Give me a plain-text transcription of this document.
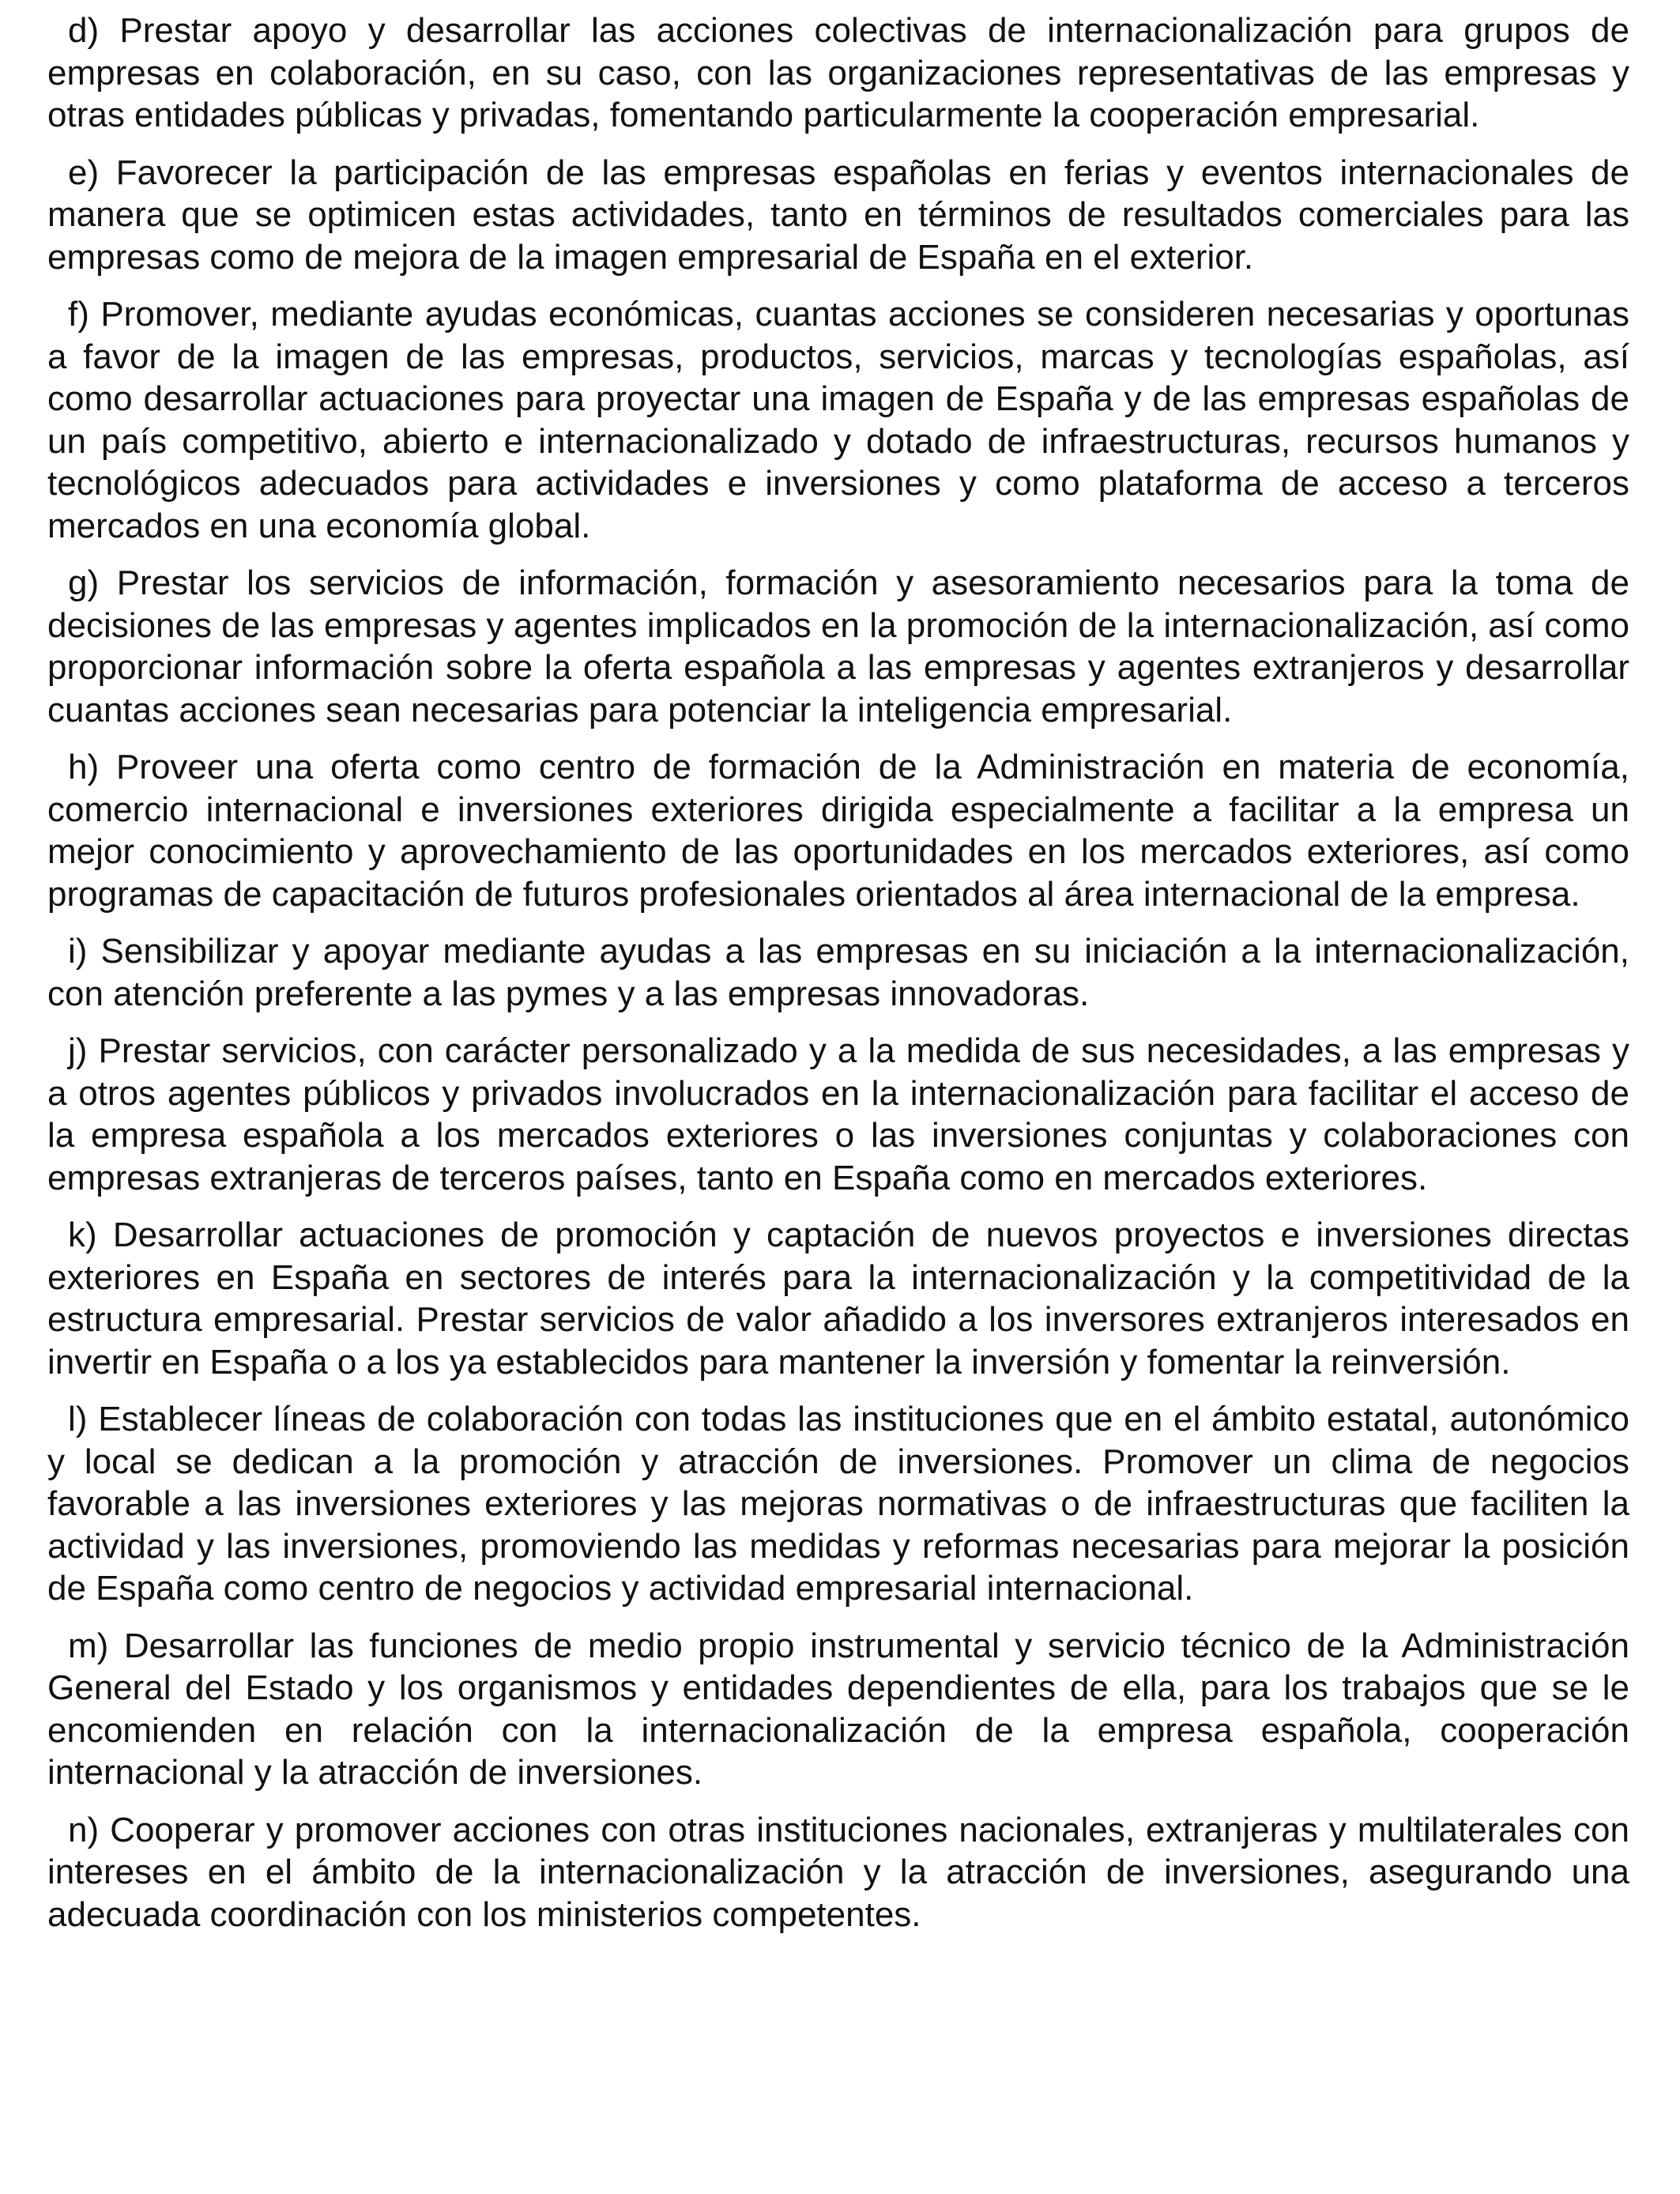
d) Prestar apoyo y desarrollar las acciones colectivas de internacionalización para grupos de empresas en colaboración, en su caso, con las organizaciones representativas de las empresas y otras entidades públicas y privadas, fomentando particularmente la cooperación empresarial.

e) Favorecer la participación de las empresas españolas en ferias y eventos internacionales de manera que se optimicen estas actividades, tanto en términos de resultados comerciales para las empresas como de mejora de la imagen empresarial de España en el exterior.

f) Promover, mediante ayudas económicas, cuantas acciones se consideren necesarias y oportunas a favor de la imagen de las empresas, productos, servicios, marcas y tecnologías españolas, así como desarrollar actuaciones para proyectar una imagen de España y de las empresas españolas de un país competitivo, abierto e internacionalizado y dotado de infraestructuras, recursos humanos y tecnológicos adecuados para actividades e inversiones y como plataforma de acceso a terceros mercados en una economía global.

g) Prestar los servicios de información, formación y asesoramiento necesarios para la toma de decisiones de las empresas y agentes implicados en la promoción de la internacionalización, así como proporcionar información sobre la oferta española a las empresas y agentes extranjeros y desarrollar cuantas acciones sean necesarias para potenciar la inteligencia empresarial.

h) Proveer una oferta como centro de formación de la Administración en materia de economía, comercio internacional e inversiones exteriores dirigida especialmente a facilitar a la empresa un mejor conocimiento y aprovechamiento de las oportunidades en los mercados exteriores, así como programas de capacitación de futuros profesionales orientados al área internacional de la empresa.

i) Sensibilizar y apoyar mediante ayudas a las empresas en su iniciación a la internacionalización, con atención preferente a las pymes y a las empresas innovadoras.

j) Prestar servicios, con carácter personalizado y a la medida de sus necesidades, a las empresas y a otros agentes públicos y privados involucrados en la internacionalización para facilitar el acceso de la empresa española a los mercados exteriores o las inversiones conjuntas y colaboraciones con empresas extranjeras de terceros países, tanto en España como en mercados exteriores.

k) Desarrollar actuaciones de promoción y captación de nuevos proyectos e inversiones directas exteriores en España en sectores de interés para la internacionalización y la competitividad de la estructura empresarial. Prestar servicios de valor añadido a los inversores extranjeros interesados en invertir en España o a los ya establecidos para mantener la inversión y fomentar la reinversión.

l) Establecer líneas de colaboración con todas las instituciones que en el ámbito estatal, autonómico y local se dedican a la promoción y atracción de inversiones. Promover un clima de negocios favorable a las inversiones exteriores y las mejoras normativas o de infraestructuras que faciliten la actividad y las inversiones, promoviendo las medidas y reformas necesarias para mejorar la posición de España como centro de negocios y actividad empresarial internacional.

m) Desarrollar las funciones de medio propio instrumental y servicio técnico de la Administración General del Estado y los organismos y entidades dependientes de ella, para los trabajos que se le encomienden en relación con la internacionalización de la empresa española, cooperación internacional y la atracción de inversiones.

n) Cooperar y promover acciones con otras instituciones nacionales, extranjeras y multilaterales con intereses en el ámbito de la internacionalización y la atracción de inversiones, asegurando una adecuada coordinación con los ministerios competentes.
